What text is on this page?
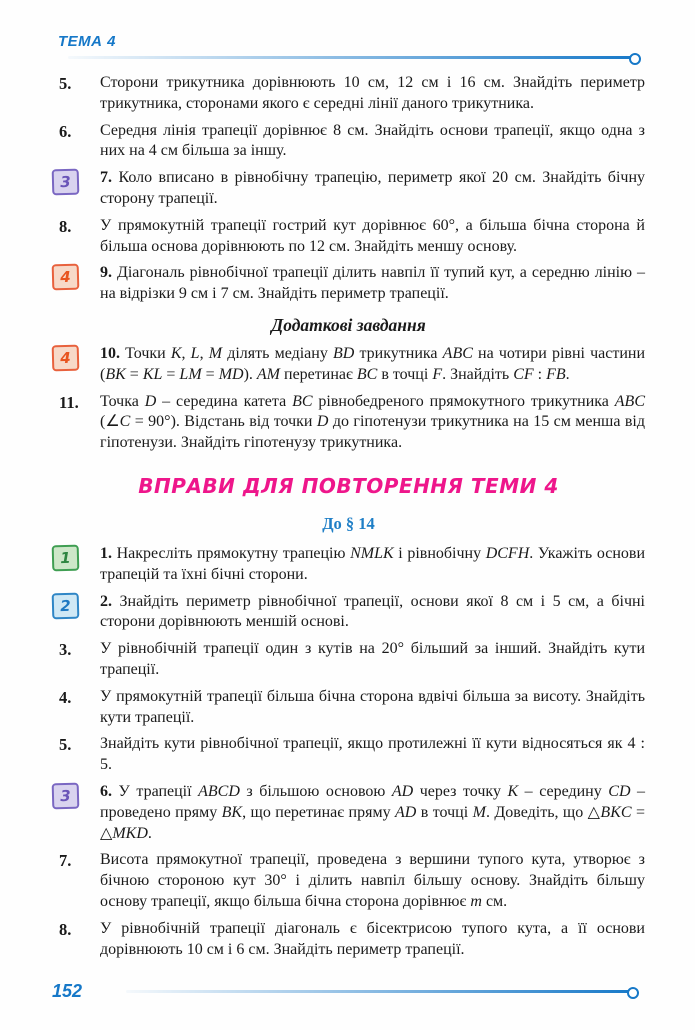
ТЕМА 4
5.	Сторони трикутника дорівнюють 10 см, 12 см і 16 см. Знайдіть периметр трикутника, сторонами якого є середні лінії даного трикутника.

6.	Середня лінія трапеції дорівнює 8 см. Знайдіть основи трапеції, якщо одна з них на 4 см більша за іншу.

3	7. Коло вписано в рівнобічну трапецію, периметр якої 20 см. Знайдіть бічну сторону трапеції.

8.	У прямокутній трапеції гострий кут дорівнює 60°, а більша бічна сторона й більша основа дорівнюють по 12 см. Знайдіть меншу основу.

4	9. Діагональ рівнобічної трапеції ділить навпіл її тупий кут, а середню лінію – на відрізки 9 см і 7 см. Знайдіть периметр трапеції.

Додаткові завдання
4	10. Точки K, L, M ділять медіану BD трикутника ABC на чотири рівні частини (BK = KL = LM = MD). AM перетинає BC в точці F. Знайдіть CF : FB.

11.	Точка D – середина катета BC рівнобедреного прямокутного трикутника ABC (∠C = 90°). Відстань від точки D до гіпотенузи трикутника на 15 см менша від гіпотенузи. Знайдіть гіпотенузу трикутника.

ВПРАВИ ДЛЯ ПОВТОРЕННЯ ТЕМИ 4
До § 14
1	1. Накресліть прямокутну трапецію NMLK і рівнобічну DCFH. Укажіть основи трапецій та їхні бічні сторони.

2	2. Знайдіть периметр рівнобічної трапеції, основи якої 8 см і 5 см, а бічні сторони дорівнюють меншій основі.

3.	У рівнобічній трапеції один з кутів на 20° більший за інший. Знайдіть кути трапеції.

4.	У прямокутній трапеції більша бічна сторона вдвічі більша за висоту. Знайдіть кути трапеції.

5.	Знайдіть кути рівнобічної трапеції, якщо протилежні її кути відносяться як 4 : 5.

3	6. У трапеції ABCD з більшою основою AD через точку K – середину CD – проведено пряму BK, що перетинає пряму AD в точці M. Доведіть, що △BKC = △MKD.

7.	Висота прямокутної трапеції, проведена з вершини тупого кута, утворює з бічною стороною кут 30° і ділить навпіл більшу основу. Знайдіть більшу основу трапеції, якщо більша бічна сторона дорівнює m см.

8.	У рівнобічній трапеції діагональ є бісектрисою тупого кута, а її основи дорівнюють 10 см і 6 см. Знайдіть периметр трапеції.

152
